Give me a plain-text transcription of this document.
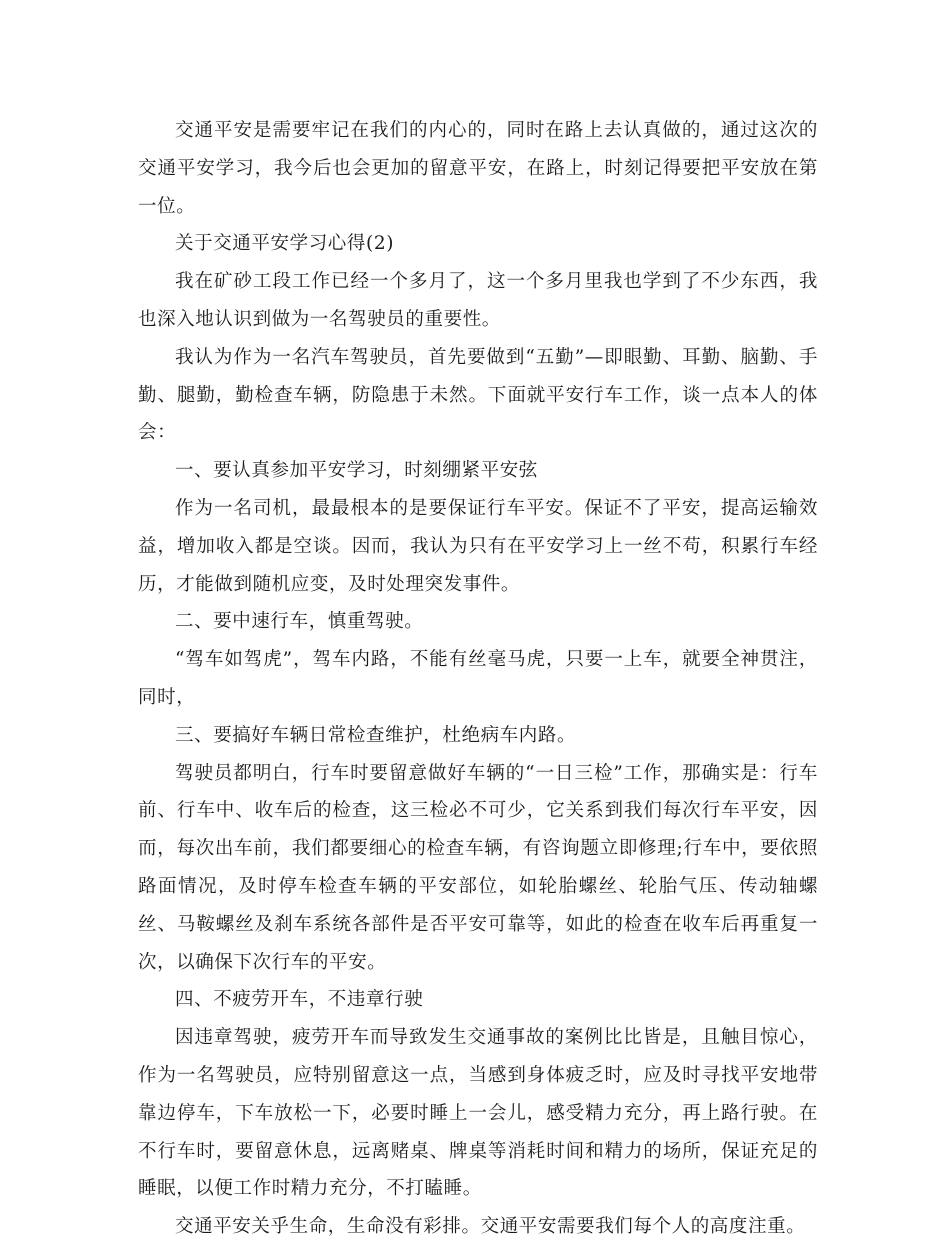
交通平安是需要牢记在我们的内心的，同时在路上去认真做的，通过这次的交通平安学习，我今后也会更加的留意平安，在路上，时刻记得要把平安放在第一位。

关于交通平安学习心得(2)

我在矿砂工段工作已经一个多月了，这一个多月里我也学到了不少东西，我也深入地认识到做为一名驾驶员的重要性。

我认为作为一名汽车驾驶员，首先要做到“五勤”—即眼勤、耳勤、脑勤、手勤、腿勤，勤检查车辆，防隐患于未然。下面就平安行车工作，谈一点本人的体会：

一、要认真参加平安学习，时刻绷紧平安弦

作为一名司机，最最根本的是要保证行车平安。保证不了平安，提高运输效益，增加收入都是空谈。因而，我认为只有在平安学习上一丝不苟，积累行车经历，才能做到随机应变，及时处理突发事件。

二、要中速行车，慎重驾驶。

“驾车如驾虎”，驾车内路，不能有丝毫马虎，只要一上车，就要全神贯注，同时，

三、要搞好车辆日常检查维护，杜绝病车内路。

驾驶员都明白，行车时要留意做好车辆的“一日三检”工作，那确实是：行车前、行车中、收车后的检查，这三检必不可少，它关系到我们每次行车平安，因而，每次出车前，我们都要细心的检查车辆，有咨询题立即修理;行车中，要依照路面情况，及时停车检查车辆的平安部位，如轮胎螺丝、轮胎气压、传动轴螺丝、马鞍螺丝及刹车系统各部件是否平安可靠等，如此的检查在收车后再重复一次，以确保下次行车的平安。

四、不疲劳开车，不违章行驶

因违章驾驶，疲劳开车而导致发生交通事故的案例比比皆是，且触目惊心，作为一名驾驶员，应特别留意这一点，当感到身体疲乏时，应及时寻找平安地带靠边停车，下车放松一下，必要时睡上一会儿，感受精力充分，再上路行驶。在不行车时，要留意休息，远离赌桌、牌桌等消耗时间和精力的场所，保证充足的睡眠，以便工作时精力充分，不打瞌睡。

交通平安关乎生命，生命没有彩排。交通平安需要我们每个人的高度注重。
